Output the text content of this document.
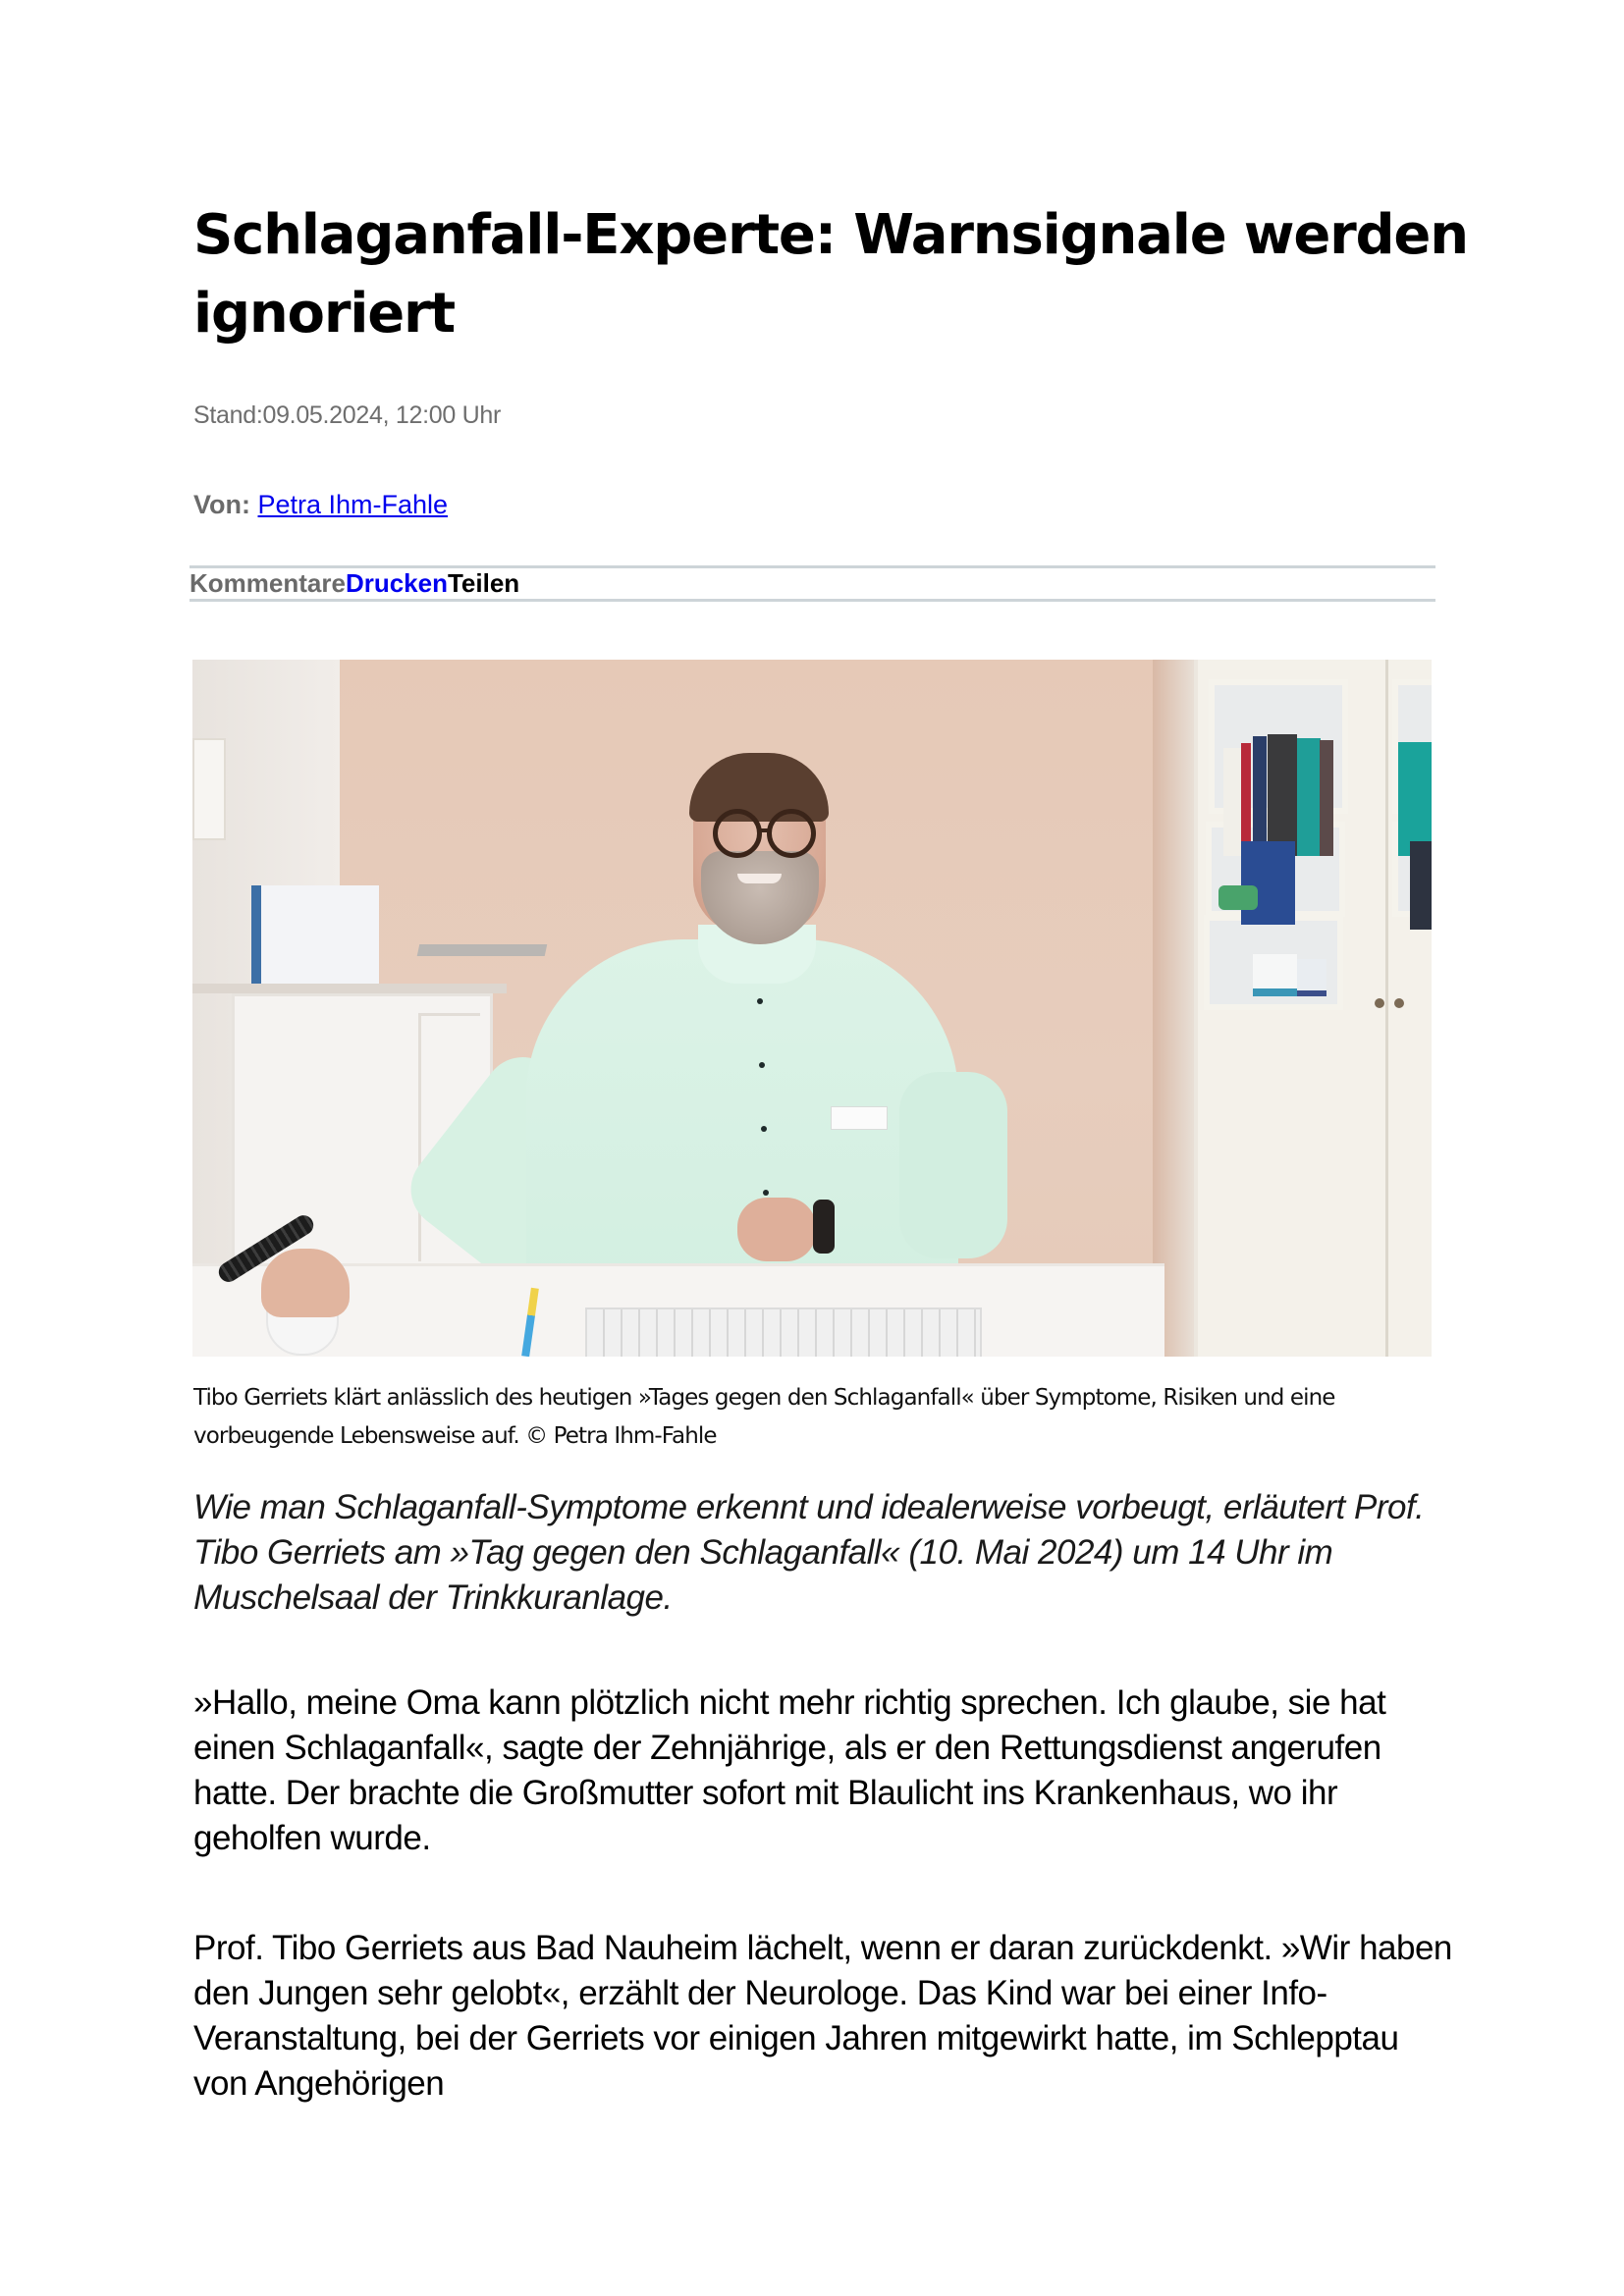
Schlaganfall-Experte: Warnsignale werden ignoriert
Stand:09.05.2024, 12:00 Uhr
Von: Petra Ihm-Fahle
Kommentare Drucken Teilen
Tibo Gerriets klärt anlässlich des heutigen »Tages gegen den Schlaganfall« über Symptome, Risiken und eine vorbeugende Lebensweise auf. © Petra Ihm-Fahle
Wie man Schlaganfall-Symptome erkennt und idealerweise vorbeugt, erläutert Prof. Tibo Gerriets am »Tag gegen den Schlaganfall« (10. Mai 2024) um 14 Uhr im Muschelsaal der Trinkkuranlage.

»Hallo, meine Oma kann plötzlich nicht mehr richtig sprechen. Ich glaube, sie hat einen Schlaganfall«, sagte der Zehnjährige, als er den Rettungsdienst angerufen hatte. Der brachte die Großmutter sofort mit Blaulicht ins Krankenhaus, wo ihr geholfen wurde.

Prof. Tibo Gerriets aus Bad Nauheim lächelt, wenn er daran zurückdenkt. »Wir haben den Jungen sehr gelobt«, erzählt der Neurologe. Das Kind war bei einer Info-Veranstaltung, bei der Gerriets vor einigen Jahren mitgewirkt hatte, im Schlepptau von Angehörigen
